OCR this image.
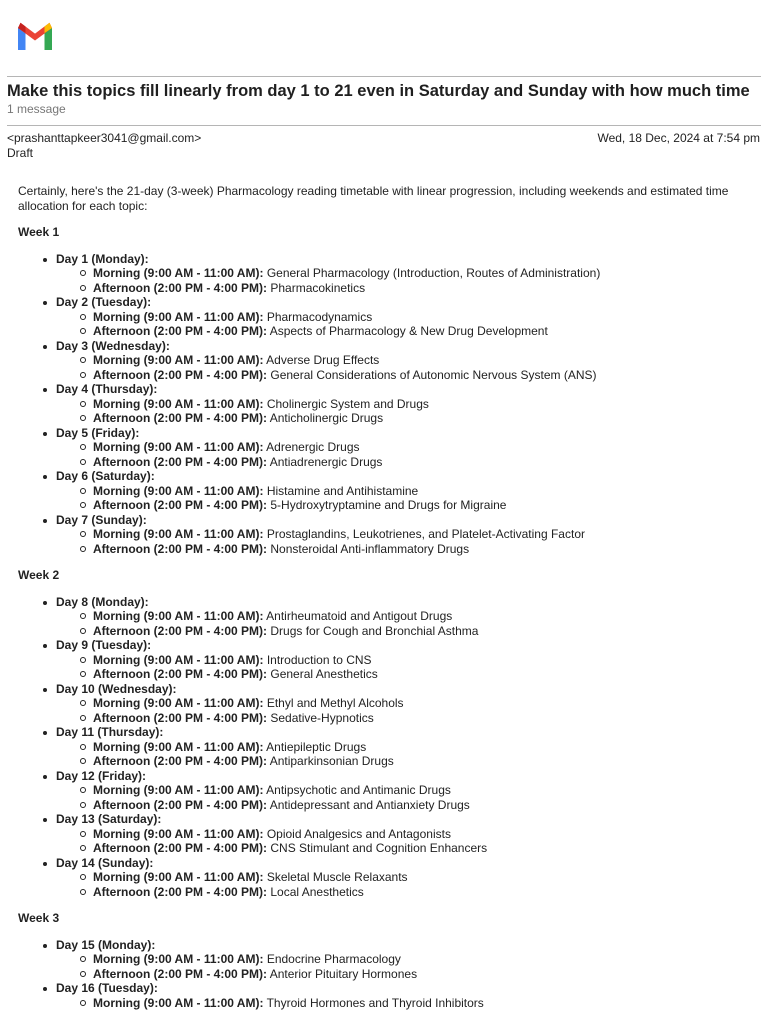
Make this topics fill linearly from day 1 to 21 even in Saturday and Sunday with how much time
1 message
<prashanttapkeer3041@gmail.com>	Wed, 18 Dec, 2024 at 7:54 pm
Draft
Certainly, here's the 21-day (3-week) Pharmacology reading timetable with linear progression, including weekends and estimated time allocation for each topic:
Week 1
Day 1 (Monday):
Morning (9:00 AM - 11:00 AM): General Pharmacology (Introduction, Routes of Administration)
Afternoon (2:00 PM - 4:00 PM): Pharmacokinetics
Day 2 (Tuesday):
Morning (9:00 AM - 11:00 AM): Pharmacodynamics
Afternoon (2:00 PM - 4:00 PM): Aspects of Pharmacology & New Drug Development
Day 3 (Wednesday):
Morning (9:00 AM - 11:00 AM): Adverse Drug Effects
Afternoon (2:00 PM - 4:00 PM): General Considerations of Autonomic Nervous System (ANS)
Day 4 (Thursday):
Morning (9:00 AM - 11:00 AM): Cholinergic System and Drugs
Afternoon (2:00 PM - 4:00 PM): Anticholinergic Drugs
Day 5 (Friday):
Morning (9:00 AM - 11:00 AM): Adrenergic Drugs
Afternoon (2:00 PM - 4:00 PM): Antiadrenergic Drugs
Day 6 (Saturday):
Morning (9:00 AM - 11:00 AM): Histamine and Antihistamine
Afternoon (2:00 PM - 4:00 PM): 5-Hydroxytryptamine and Drugs for Migraine
Day 7 (Sunday):
Morning (9:00 AM - 11:00 AM): Prostaglandins, Leukotrienes, and Platelet-Activating Factor
Afternoon (2:00 PM - 4:00 PM): Nonsteroidal Anti-inflammatory Drugs
Week 2
Day 8 (Monday):
Morning (9:00 AM - 11:00 AM): Antirheumatoid and Antigout Drugs
Afternoon (2:00 PM - 4:00 PM): Drugs for Cough and Bronchial Asthma
Day 9 (Tuesday):
Morning (9:00 AM - 11:00 AM): Introduction to CNS
Afternoon (2:00 PM - 4:00 PM): General Anesthetics
Day 10 (Wednesday):
Morning (9:00 AM - 11:00 AM): Ethyl and Methyl Alcohols
Afternoon (2:00 PM - 4:00 PM): Sedative-Hypnotics
Day 11 (Thursday):
Morning (9:00 AM - 11:00 AM): Antiepileptic Drugs
Afternoon (2:00 PM - 4:00 PM): Antiparkinsonian Drugs
Day 12 (Friday):
Morning (9:00 AM - 11:00 AM): Antipsychotic and Antimanic Drugs
Afternoon (2:00 PM - 4:00 PM): Antidepressant and Antianxiety Drugs
Day 13 (Saturday):
Morning (9:00 AM - 11:00 AM): Opioid Analgesics and Antagonists
Afternoon (2:00 PM - 4:00 PM): CNS Stimulant and Cognition Enhancers
Day 14 (Sunday):
Morning (9:00 AM - 11:00 AM): Skeletal Muscle Relaxants
Afternoon (2:00 PM - 4:00 PM): Local Anesthetics
Week 3
Day 15 (Monday):
Morning (9:00 AM - 11:00 AM): Endocrine Pharmacology
Afternoon (2:00 PM - 4:00 PM): Anterior Pituitary Hormones
Day 16 (Tuesday):
Morning (9:00 AM - 11:00 AM): Thyroid Hormones and Thyroid Inhibitors
